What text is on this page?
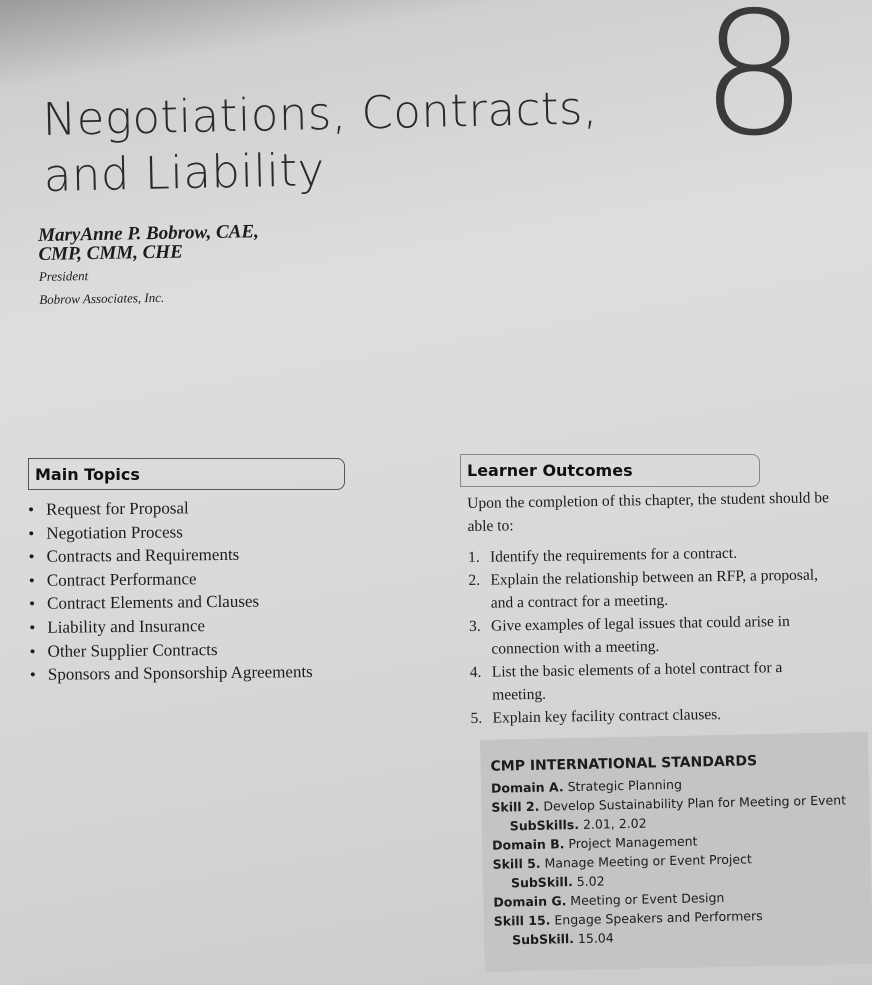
8
Negotiations, Contracts,
and Liability
MaryAnne P. Bobrow, CAE,
CMP, CMM, CHE
President
Bobrow Associates, Inc.
Main Topics
• Request for Proposal
• Negotiation Process
• Contracts and Requirements
• Contract Performance
• Contract Elements and Clauses
• Liability and Insurance
• Other Supplier Contracts
• Sponsors and Sponsorship Agreements
Learner Outcomes
Upon the completion of this chapter, the student should be able to:
1. Identify the requirements for a contract.
2. Explain the relationship between an RFP, a proposal, and a contract for a meeting.
3. Give examples of legal issues that could arise in connection with a meeting.
4. List the basic elements of a hotel contract for a meeting.
5. Explain key facility contract clauses.
CMP INTERNATIONAL STANDARDS
Domain A. Strategic Planning
Skill 2. Develop Sustainability Plan for Meeting or Event
SubSkills. 2.01, 2.02
Domain B. Project Management
Skill 5. Manage Meeting or Event Project
SubSkill. 5.02
Domain G. Meeting or Event Design
Skill 15. Engage Speakers and Performers
SubSkill. 15.04
